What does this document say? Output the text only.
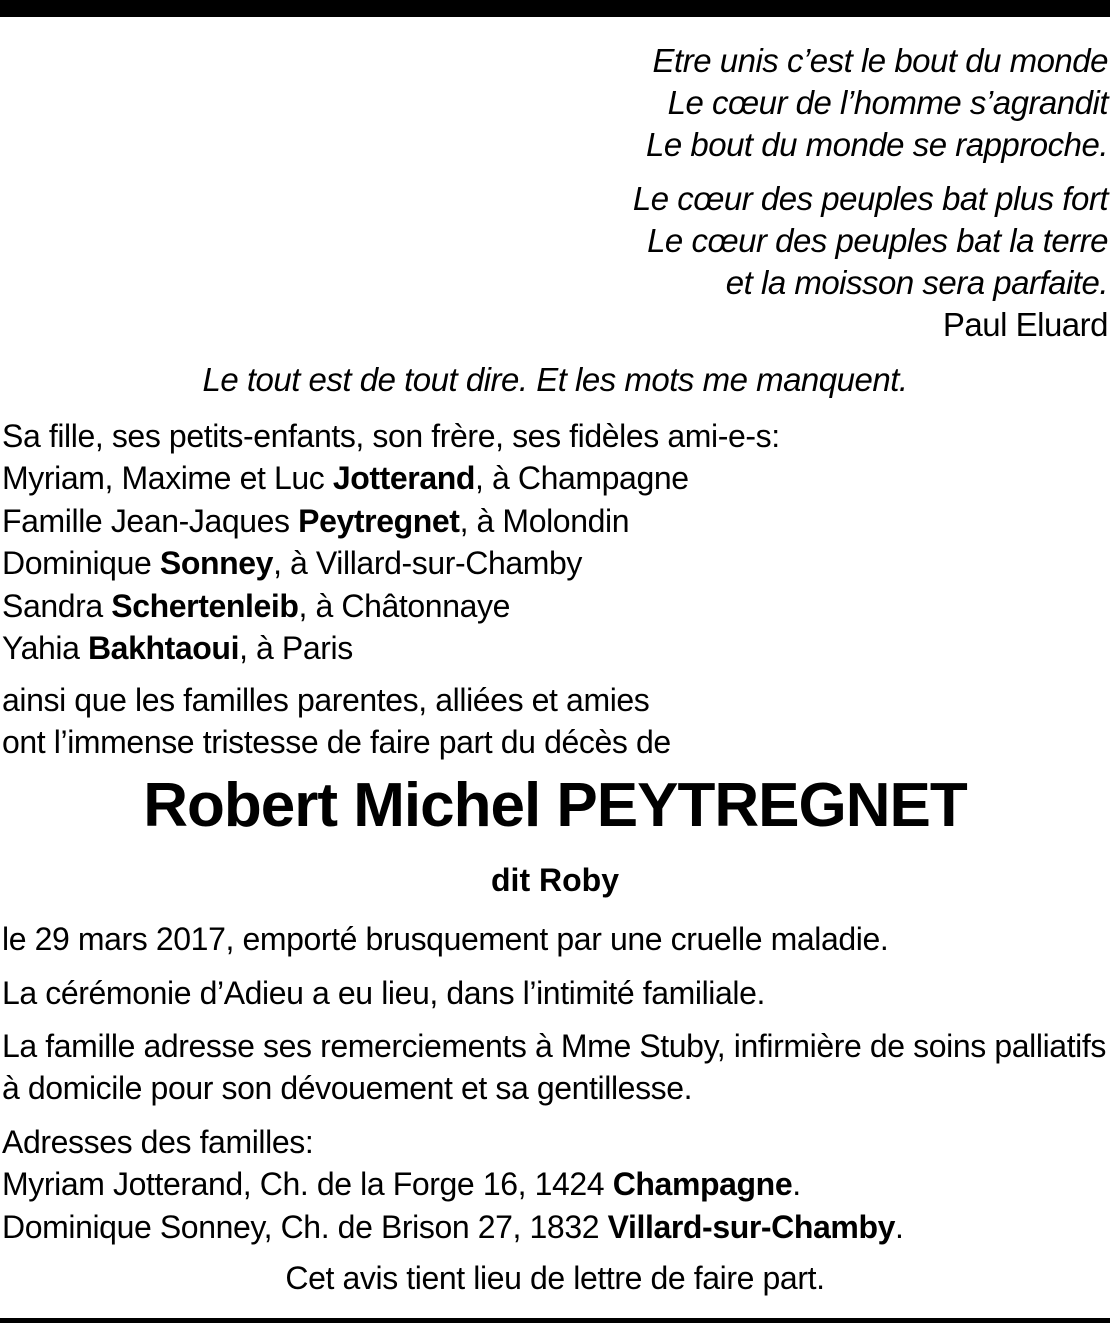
Etre unis c’est le bout du monde
Le cœur de l’homme s’agrandit
Le bout du monde se rapproche.
Le cœur des peuples bat plus fort
Le cœur des peuples bat la terre
et la moisson sera parfaite.
Paul Eluard
Le tout est de tout dire. Et les mots me manquent.
Sa fille, ses petits-enfants, son frère, ses fidèles ami-e-s:
Myriam, Maxime et Luc Jotterand, à Champagne
Famille Jean-Jaques Peytregnet, à Molondin
Dominique Sonney, à Villard-sur-Chamby
Sandra Schertenleib, à Châtonnaye
Yahia Bakhtaoui, à Paris
ainsi que les familles parentes, alliées et amies
ont l’immense tristesse de faire part du décès de
Robert Michel PEYTREGNET
dit Roby
le 29 mars 2017, emporté brusquement par une cruelle maladie.
La cérémonie d’Adieu a eu lieu, dans l’intimité familiale.
La famille adresse ses remerciements à Mme Stuby, infirmière de soins palliatifs à domicile pour son dévouement et sa gentillesse.
Adresses des familles:
Myriam Jotterand, Ch. de la Forge 16, 1424 Champagne.
Dominique Sonney, Ch. de Brison 27, 1832 Villard-sur-Chamby.
Cet avis tient lieu de lettre de faire part.
